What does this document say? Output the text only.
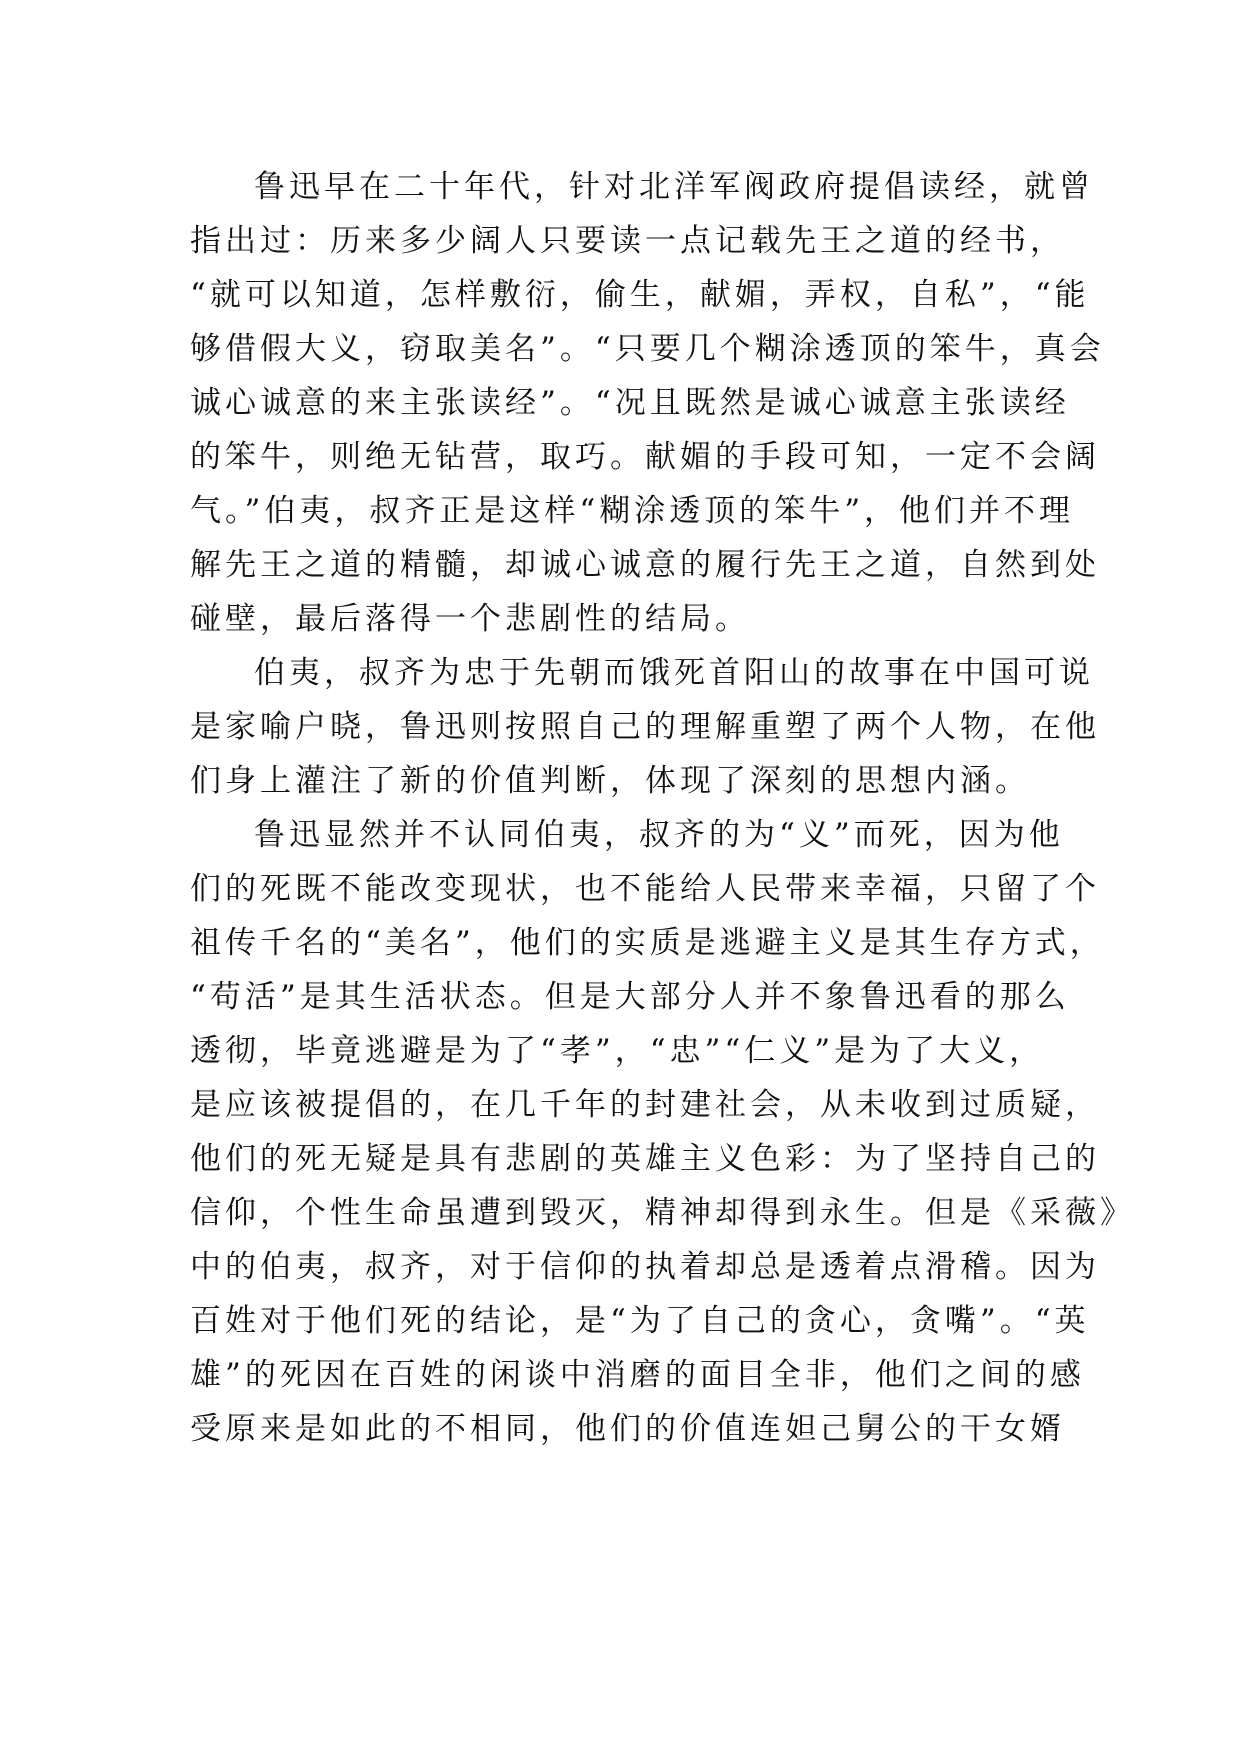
鲁迅早在二十年代，针对北洋军阀政府提倡读经，就曾
指出过：历来多少阔人只要读一点记载先王之道的经书，
“就可以知道，怎样敷衍，偷生，献媚，弄权，自私”，“能
够借假大义，窃取美名”。“只要几个糊涂透顶的笨牛，真会
诚心诚意的来主张读经”。“况且既然是诚心诚意主张读经
的笨牛，则绝无钻营，取巧。献媚的手段可知，一定不会阔
气。”伯夷，叔齐正是这样“糊涂透顶的笨牛”，他们并不理
解先王之道的精髓，却诚心诚意的履行先王之道，自然到处
碰壁，最后落得一个悲剧性的结局。
伯夷，叔齐为忠于先朝而饿死首阳山的故事在中国可说
是家喻户晓，鲁迅则按照自己的理解重塑了两个人物，在他
们身上灌注了新的价值判断，体现了深刻的思想内涵。
鲁迅显然并不认同伯夷，叔齐的为“义”而死，因为他
们的死既不能改变现状，也不能给人民带来幸福，只留了个
祖传千名的“美名”，他们的实质是逃避主义是其生存方式，
“苟活”是其生活状态。但是大部分人并不象鲁迅看的那么
透彻，毕竟逃避是为了“孝”，“忠”“仁义”是为了大义，
是应该被提倡的，在几千年的封建社会，从未收到过质疑，
他们的死无疑是具有悲剧的英雄主义色彩：为了坚持自己的
信仰，个性生命虽遭到毁灭，精神却得到永生。但是《采薇》
中的伯夷，叔齐，对于信仰的执着却总是透着点滑稽。因为
百姓对于他们死的结论，是“为了自己的贪心，贪嘴”。“英
雄”的死因在百姓的闲谈中消磨的面目全非，他们之间的感
受原来是如此的不相同，他们的价值连妲己舅公的干女婿
